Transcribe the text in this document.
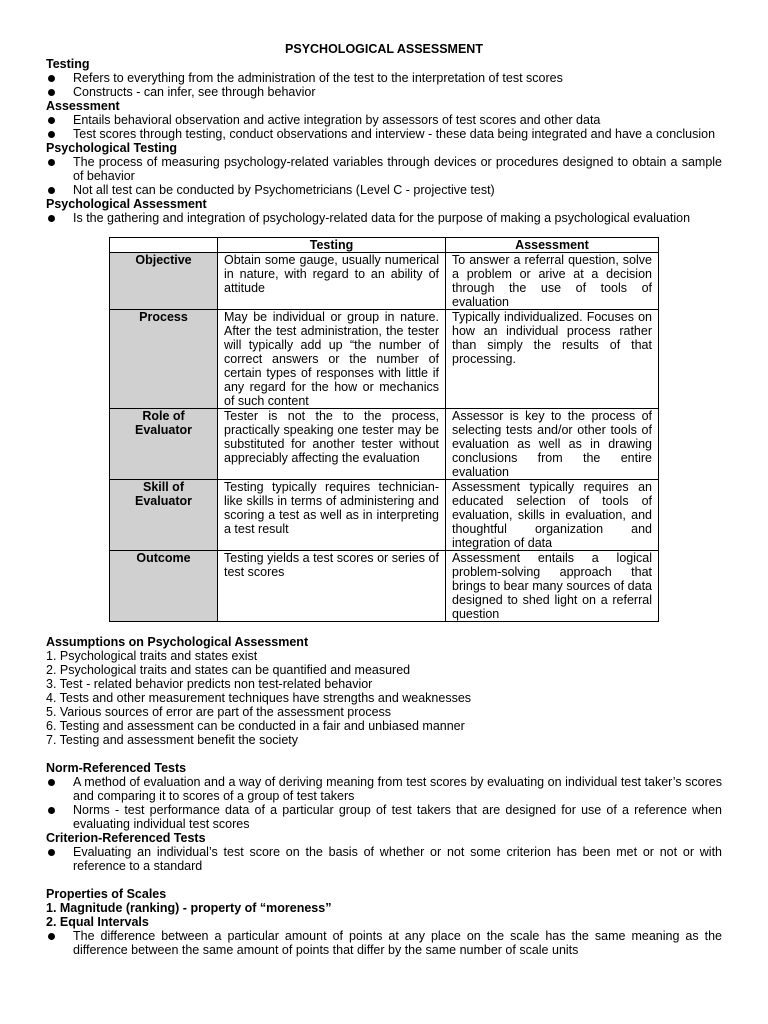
PSYCHOLOGICAL ASSESSMENT
Testing
Refers to everything from the administration of the test to the interpretation of test scores
Constructs - can infer, see through behavior
Assessment
Entails behavioral observation and active integration by assessors of test scores and other data
Test scores through testing, conduct observations and interview - these data being integrated and have a conclusion
Psychological Testing
The process of measuring psychology-related variables through devices or procedures designed to obtain a sample of behavior
Not all test can be conducted by Psychometricians (Level C - projective test)
Psychological Assessment
Is the gathering and integration of psychology-related data for the purpose of making a psychological evaluation
	Testing	Assessment
Objective	Obtain some gauge, usually numerical in nature, with regard to an ability of attitude	To answer a referral question, solve a problem or arive at a decision through the use of tools of evaluation
Process	May be individual or group in nature. After the test administration, the tester will typically add up “the number of correct answers or the number of certain types of responses with little if any regard for the how or mechanics of such content	Typically individualized. Focuses on how an individual process rather than simply the results of that processing.
Role of Evaluator	Tester is not the to the process, practically speaking one tester may be substituted for another tester without appreciably affecting the evaluation	Assessor is key to the process of selecting tests and/or other tools of evaluation as well as in drawing conclusions from the entire evaluation
Skill of Evaluator	Testing typically requires technician-like skills in terms of administering and scoring a test as well as in interpreting a test result	Assessment typically requires an educated selection of tools of evaluation, skills in evaluation, and thoughtful organization and integration of data
Outcome	Testing yields a test scores or series of test scores	Assessment entails a logical problem-solving approach that brings to bear many sources of data designed to shed light on a referral question
Assumptions on Psychological Assessment
1. Psychological traits and states exist
2. Psychological traits and states can be quantified and measured
3. Test - related behavior predicts non test-related behavior
4. Tests and other measurement techniques have strengths and weaknesses
5. Various sources of error are part of the assessment process
6. Testing and assessment can be conducted in a fair and unbiased manner
7. Testing and assessment benefit the society
Norm-Referenced Tests
A method of evaluation and a way of deriving meaning from test scores by evaluating on individual test taker’s scores and comparing it to scores of a group of test takers
Norms - test performance data of a particular group of test takers that are designed for use of a reference when evaluating individual test scores
Criterion-Referenced Tests
Evaluating an individual’s test score on the basis of whether or not some criterion has been met or not or with reference to a standard
Properties of Scales
1. Magnitude (ranking) - property of “moreness”
2. Equal Intervals
The difference between a particular amount of points at any place on the scale has the same meaning as the difference between the same amount of points that differ by the same number of scale units
